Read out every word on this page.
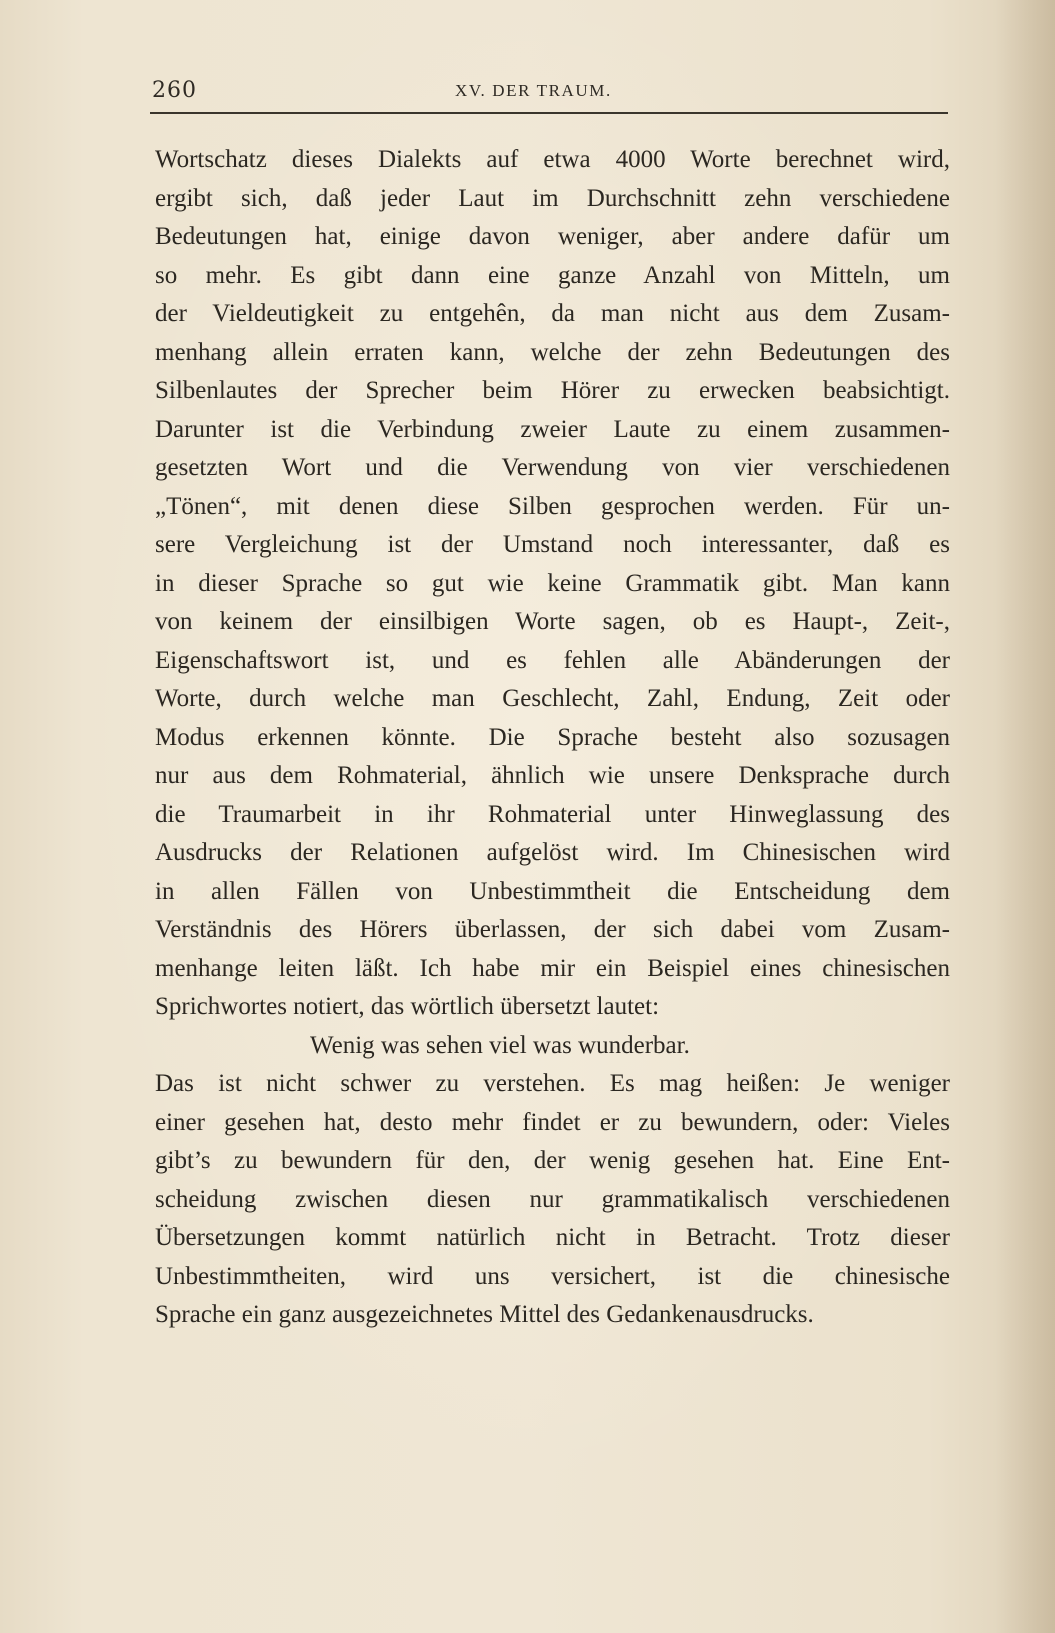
260	XV. DER TRAUM.
Wortschatz dieses Dialekts auf etwa 4000 Worte berechnet wird,
ergibt sich, daß jeder Laut im Durchschnitt zehn verschiedene
Bedeutungen hat, einige davon weniger, aber andere dafür um
so mehr. Es gibt dann eine ganze Anzahl von Mitteln, um
der Vieldeutigkeit zu entgehên, da man nicht aus dem Zusam-
menhang allein erraten kann, welche der zehn Bedeutungen des
Silbenlautes der Sprecher beim Hörer zu erwecken beabsichtigt.
Darunter ist die Verbindung zweier Laute zu einem zusammen-
gesetzten Wort und die Verwendung von vier verschiedenen
„Tönen“, mit denen diese Silben gesprochen werden. Für un-
sere Vergleichung ist der Umstand noch interessanter, daß es
in dieser Sprache so gut wie keine Grammatik gibt. Man kann
von keinem der einsilbigen Worte sagen, ob es Haupt-, Zeit-,
Eigenschaftswort ist, und es fehlen alle Abänderungen der
Worte, durch welche man Geschlecht, Zahl, Endung, Zeit oder
Modus erkennen könnte. Die Sprache besteht also sozusagen
nur aus dem Rohmaterial, ähnlich wie unsere Denksprache durch
die Traumarbeit in ihr Rohmaterial unter Hinweglassung des
Ausdrucks der Relationen aufgelöst wird. Im Chinesischen wird
in allen Fällen von Unbestimmtheit die Entscheidung dem
Verständnis des Hörers überlassen, der sich dabei vom Zusam-
menhange leiten läßt. Ich habe mir ein Beispiel eines chinesischen
Sprichwortes notiert, das wörtlich übersetzt lautet:
Wenig was sehen viel was wunderbar.
Das ist nicht schwer zu verstehen. Es mag heißen: Je weniger
einer gesehen hat, desto mehr findet er zu bewundern, oder: Vieles
gibt’s zu bewundern für den, der wenig gesehen hat. Eine Ent-
scheidung zwischen diesen nur grammatikalisch verschiedenen
Übersetzungen kommt natürlich nicht in Betracht. Trotz dieser
Unbestimmtheiten, wird uns versichert, ist die chinesische
Sprache ein ganz ausgezeichnetes Mittel des Gedankenausdrucks.
